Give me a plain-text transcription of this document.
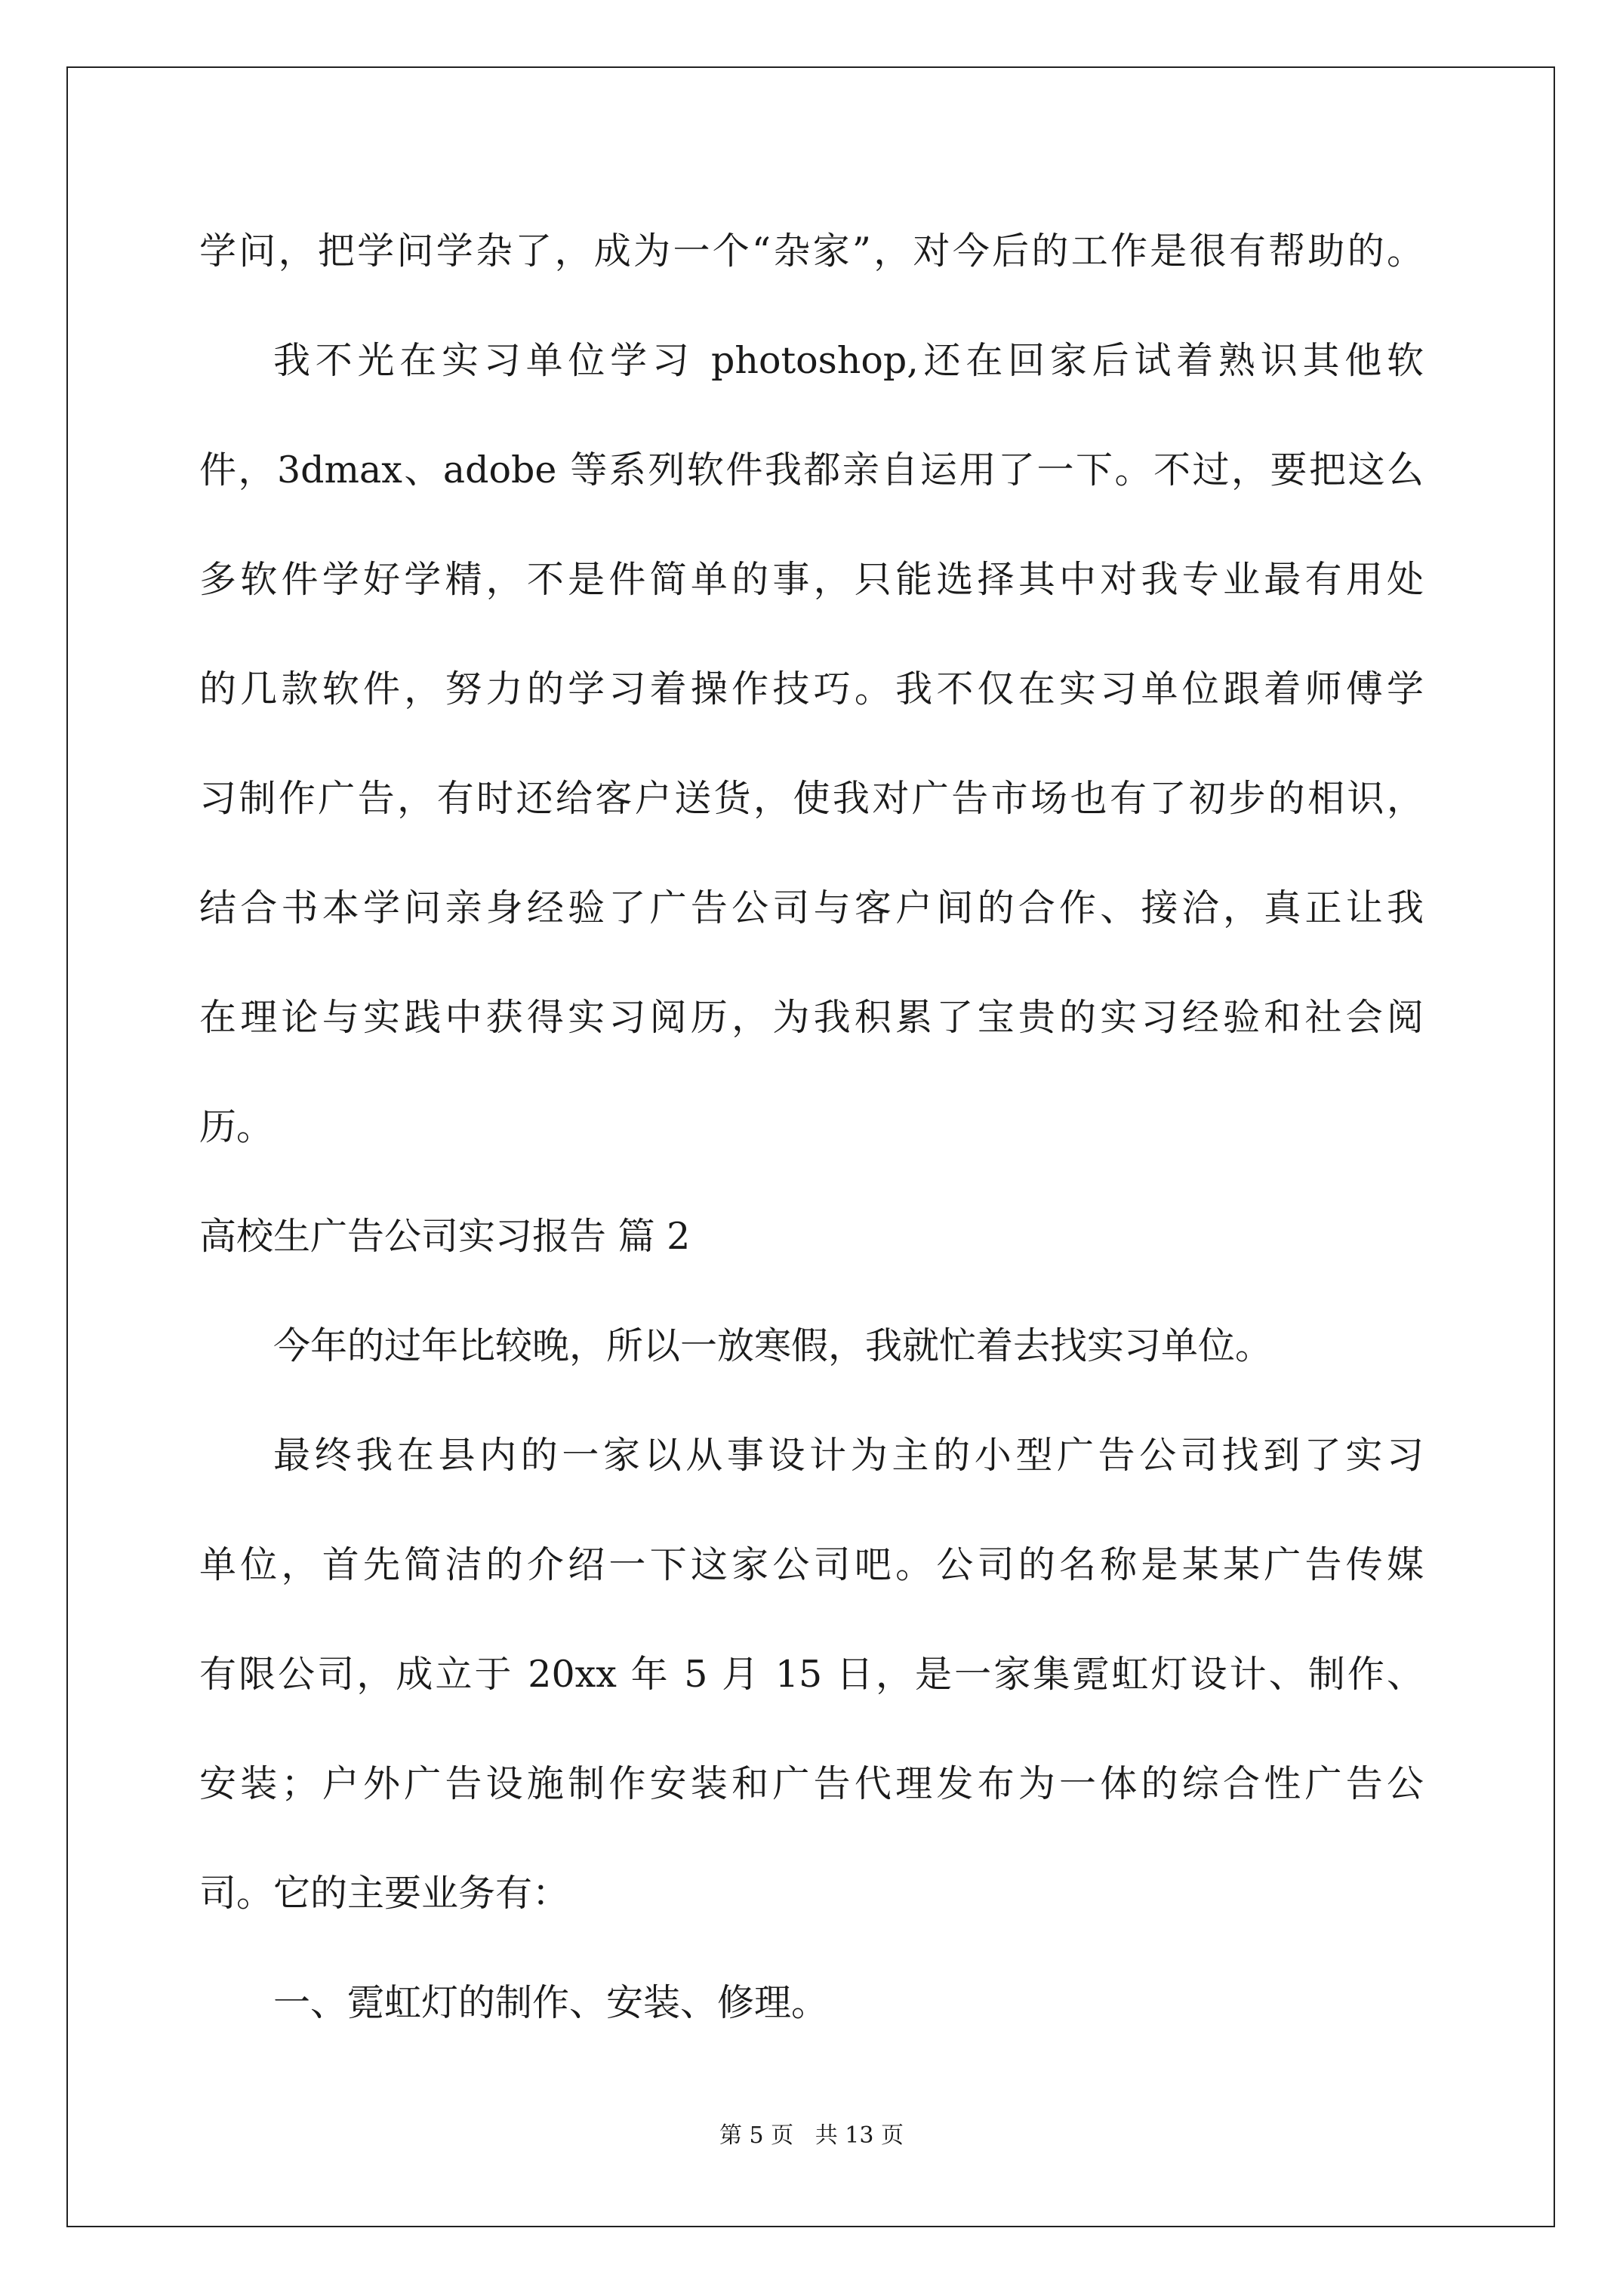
学问，把学问学杂了，成为一个“杂家”，对今后的工作是很有帮助的。
我不光在实习单位学习 photoshop,还在回家后试着熟识其他软
件，3dmax、adobe 等系列软件我都亲自运用了一下。不过，要把这么
多软件学好学精，不是件简单的事，只能选择其中对我专业最有用处
的几款软件，努力的学习着操作技巧。我不仅在实习单位跟着师傅学
习制作广告，有时还给客户送货，使我对广告市场也有了初步的相识，
结合书本学问亲身经验了广告公司与客户间的合作、接洽，真正让我
在理论与实践中获得实习阅历，为我积累了宝贵的实习经验和社会阅
历。
高校生广告公司实习报告 篇 2
今年的过年比较晚，所以一放寒假，我就忙着去找实习单位。
最终我在县内的一家以从事设计为主的小型广告公司找到了实习
单位，首先简洁的介绍一下这家公司吧。公司的名称是某某广告传媒
有限公司，成立于 20xx 年 5 月 15 日，是一家集霓虹灯设计、制作、
安装；户外广告设施制作安装和广告代理发布为一体的综合性广告公
司。它的主要业务有：
一、霓虹灯的制作、安装、修理。
第 5 页   共 13 页
